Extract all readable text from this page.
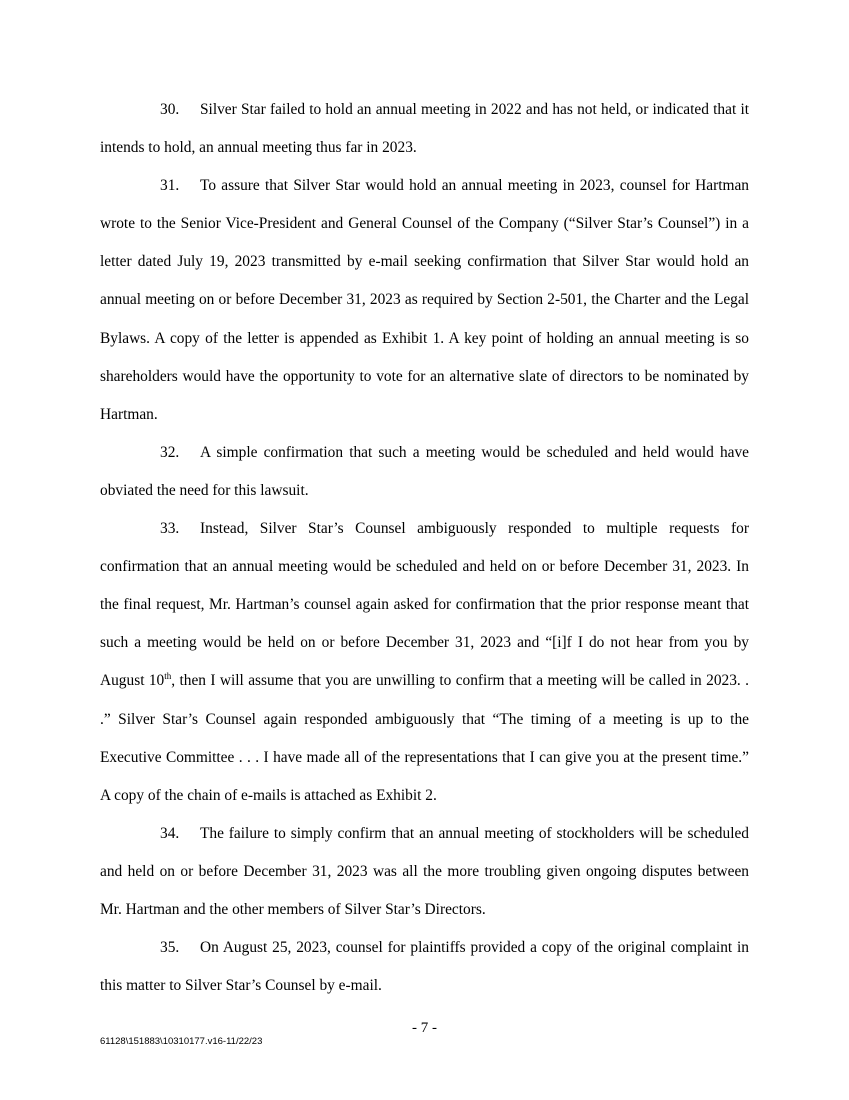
30. Silver Star failed to hold an annual meeting in 2022 and has not held, or indicated that it intends to hold, an annual meeting thus far in 2023.

31. To assure that Silver Star would hold an annual meeting in 2023, counsel for Hartman wrote to the Senior Vice-President and General Counsel of the Company (“Silver Star’s Counsel”) in a letter dated July 19, 2023 transmitted by e-mail seeking confirmation that Silver Star would hold an annual meeting on or before December 31, 2023 as required by Section 2-501, the Charter and the Legal Bylaws. A copy of the letter is appended as Exhibit 1. A key point of holding an annual meeting is so shareholders would have the opportunity to vote for an alternative slate of directors to be nominated by Hartman.

32. A simple confirmation that such a meeting would be scheduled and held would have obviated the need for this lawsuit.

33. Instead, Silver Star’s Counsel ambiguously responded to multiple requests for confirmation that an annual meeting would be scheduled and held on or before December 31, 2023. In the final request, Mr. Hartman’s counsel again asked for confirmation that the prior response meant that such a meeting would be held on or before December 31, 2023 and “[i]f I do not hear from you by August 10th, then I will assume that you are unwilling to confirm that a meeting will be called in 2023. . .” Silver Star’s Counsel again responded ambiguously that “The timing of a meeting is up to the Executive Committee . . . I have made all of the representations that I can give you at the present time.” A copy of the chain of e-mails is attached as Exhibit 2.

34. The failure to simply confirm that an annual meeting of stockholders will be scheduled and held on or before December 31, 2023 was all the more troubling given ongoing disputes between Mr. Hartman and the other members of Silver Star’s Directors.

35. On August 25, 2023, counsel for plaintiffs provided a copy of the original complaint in this matter to Silver Star’s Counsel by e-mail.

- 7 -
61128\151883\10310177.v16-11/22/23
